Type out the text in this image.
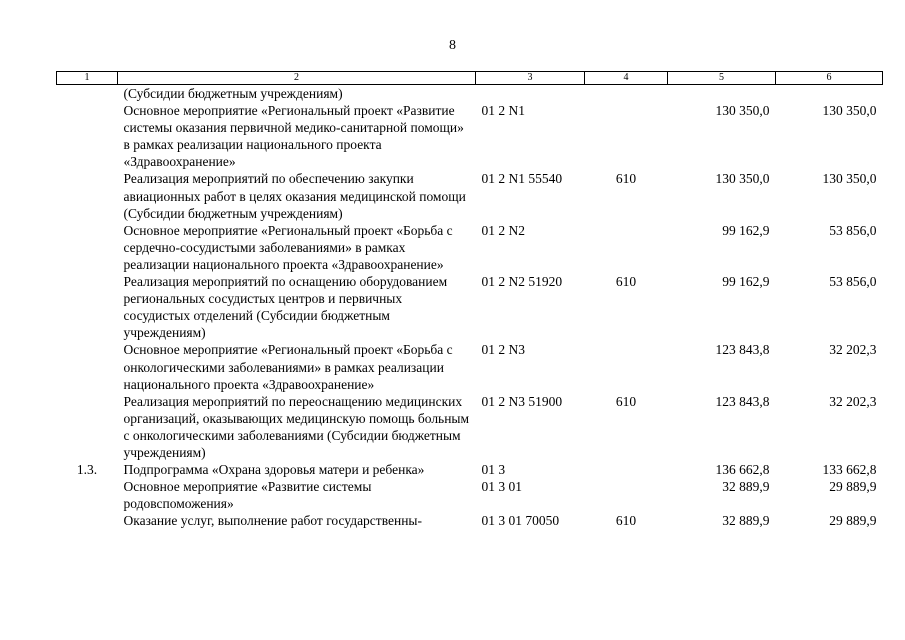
8
1	2	3	4	5	6
	(Субсидии бюджетным учреждениям)				
	Основное мероприятие «Региональный проект «Развитие системы оказания первичной медико-санитарной помощи» в рамках реализации национального проекта «Здравоохранение»	01 2 N1		130 350,0	130 350,0
	Реализация мероприятий по обеспечению закупки авиационных работ в целях оказания медицинской помощи (Субсидии бюджетным учреждениям)	01 2 N1 55540	610	130 350,0	130 350,0
	Основное мероприятие «Региональный проект «Борьба с сердечно-сосудистыми заболеваниями» в рамках реализации национального проекта «Здравоохранение»	01 2 N2		99 162,9	53 856,0
	Реализация мероприятий по оснащению оборудованием региональных сосудистых центров и первичных сосудистых отделений (Субсидии бюджетным учреждениям)	01 2 N2 51920	610	99 162,9	53 856,0
	Основное мероприятие «Региональный проект «Борьба с онкологическими заболеваниями» в рамках реализации национального проекта «Здравоохранение»	01 2 N3		123 843,8	32 202,3
	Реализация мероприятий по переоснащению медицинских организаций, оказывающих медицинскую помощь больным с онкологическими заболеваниями (Субсидии бюджетным учреждениям)	01 2 N3 51900	610	123 843,8	32 202,3
1.3.	Подпрограмма «Охрана здоровья матери и ребенка»	01 3		136 662,8	133 662,8
	Основное мероприятие «Развитие системы родовспоможения»	01 3 01		32 889,9	29 889,9
	Оказание услуг, выполнение работ государственны-	01 3 01 70050	610	32 889,9	29 889,9
